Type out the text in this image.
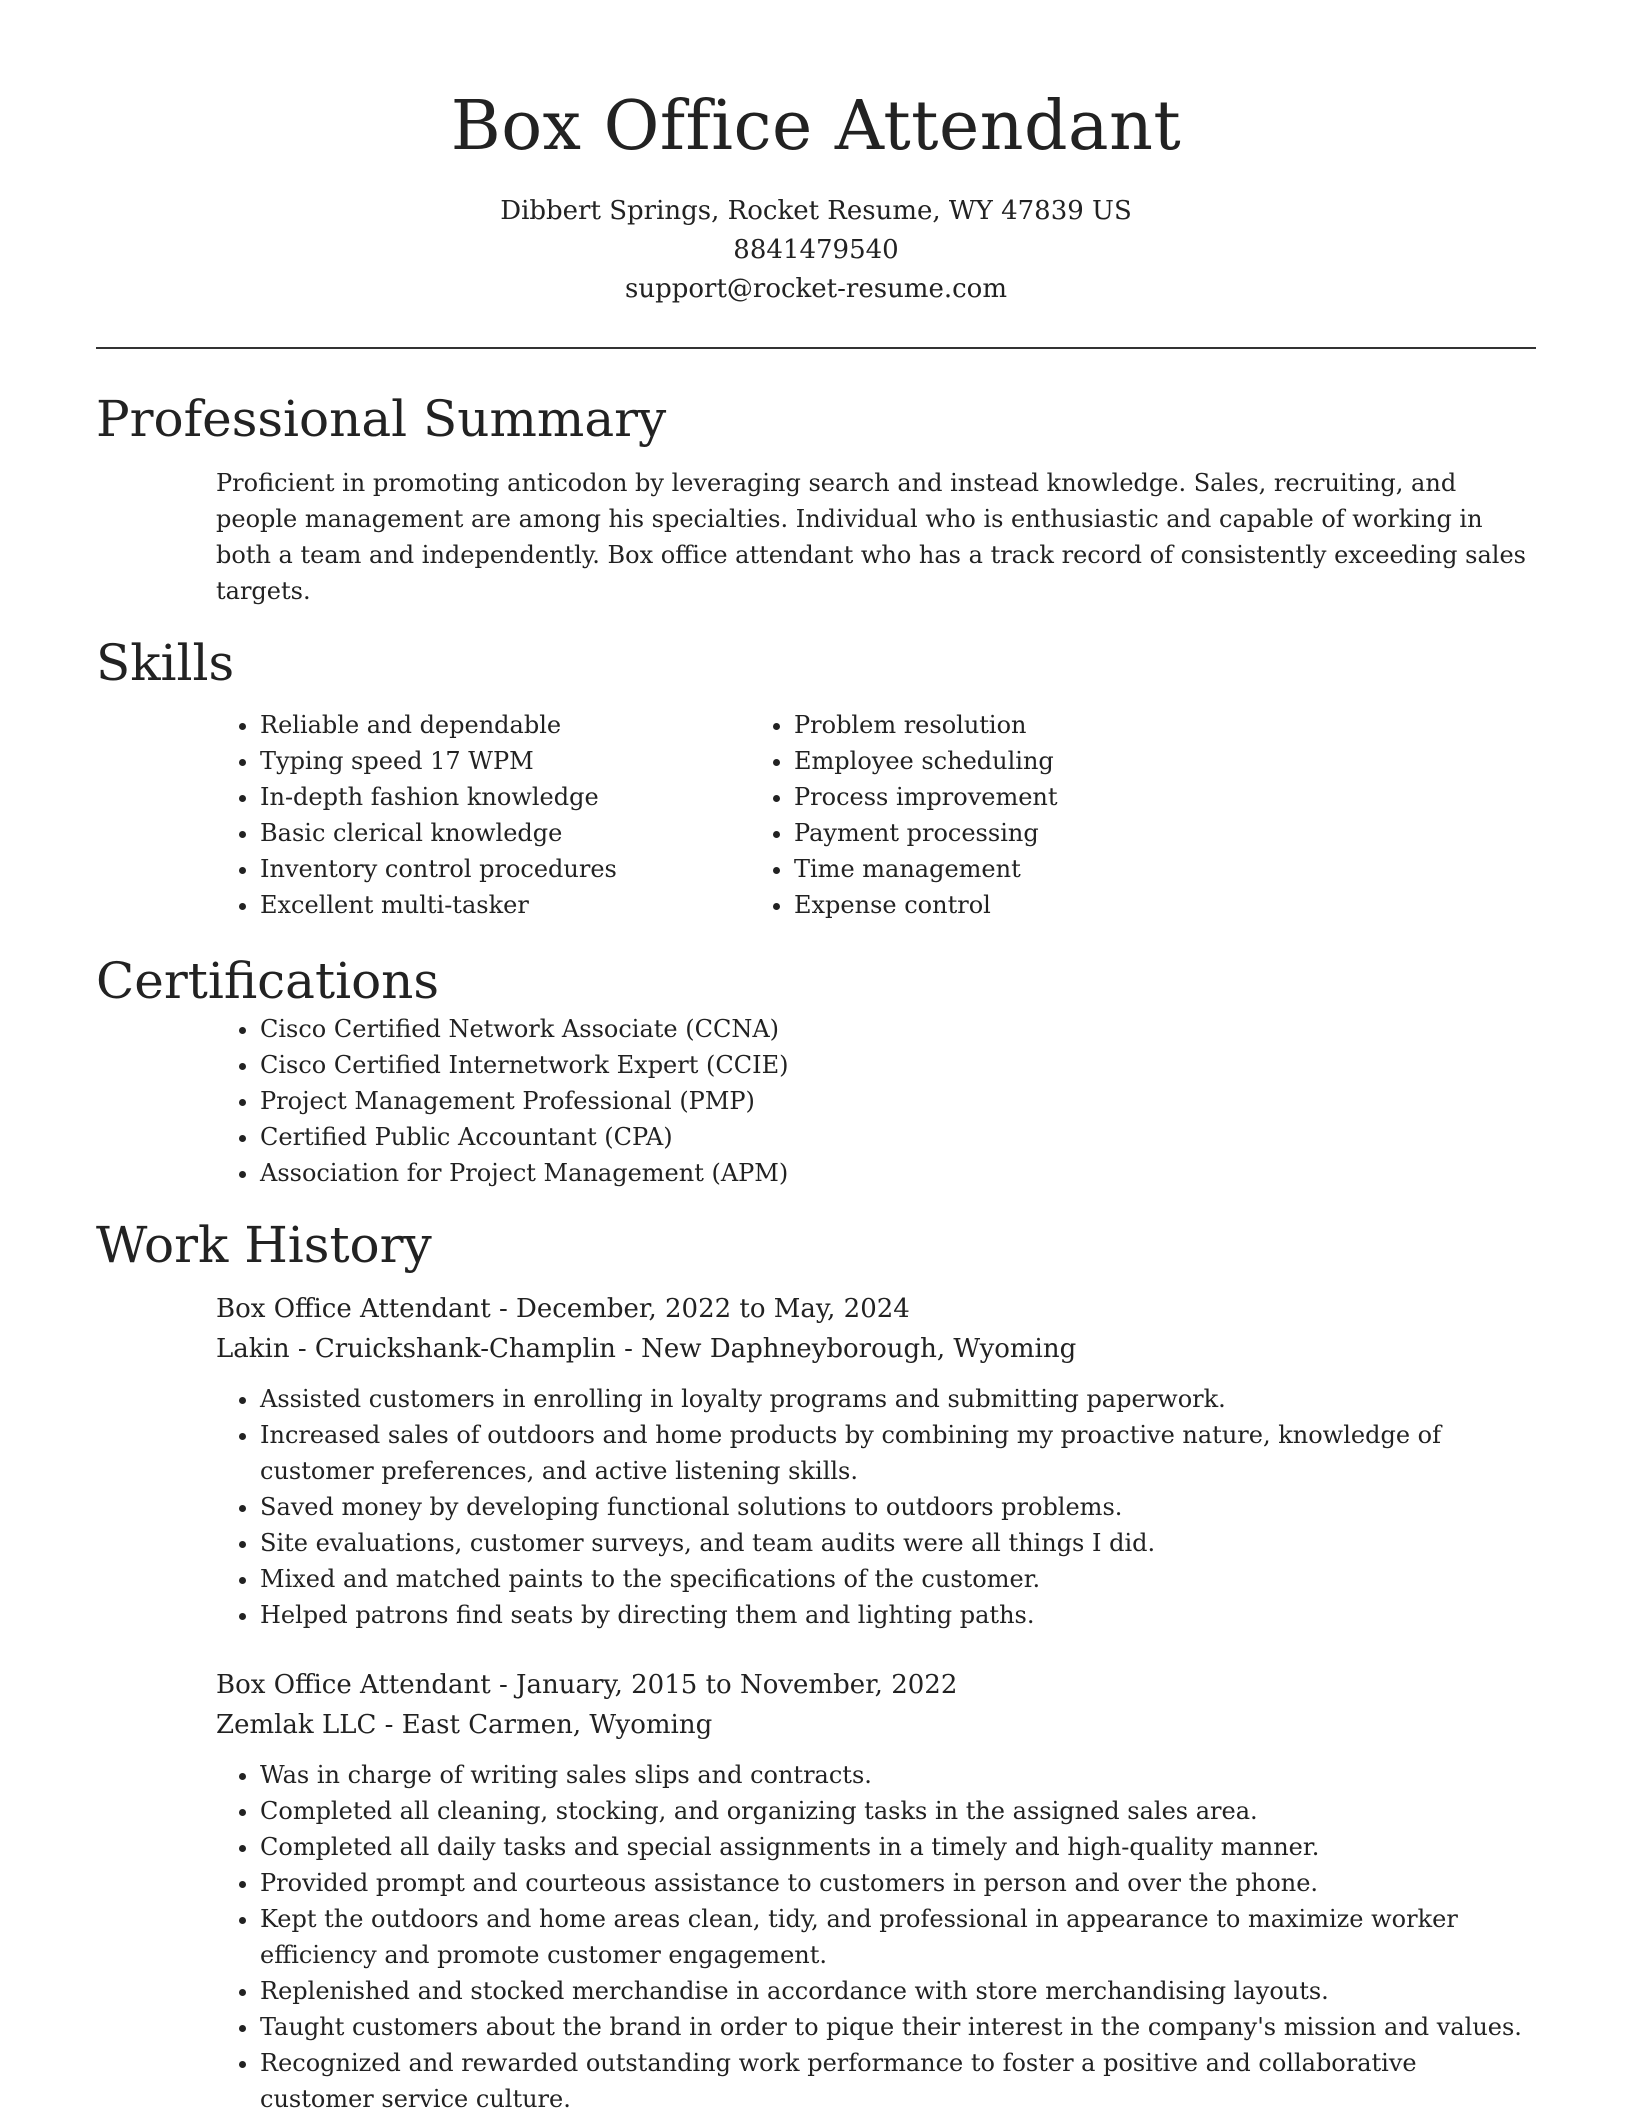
Box Office Attendant
Dibbert Springs, Rocket Resume, WY 47839 US
8841479540
support@rocket-resume.com
Professional Summary

Proficient in promoting anticodon by leveraging search and instead knowledge. Sales, recruiting, and people management are among his specialties. Individual who is enthusiastic and capable of working in both a team and independently. Box office attendant who has a track record of consistently exceeding sales targets.

Skills
• Reliable and dependable
• Typing speed 17 WPM
• In-depth fashion knowledge
• Basic clerical knowledge
• Inventory control procedures
• Excellent multi-tasker
• Problem resolution
• Employee scheduling
• Process improvement
• Payment processing
• Time management
• Expense control
Certifications
• Cisco Certified Network Associate (CCNA)
• Cisco Certified Internetwork Expert (CCIE)
• Project Management Professional (PMP)
• Certified Public Accountant (CPA)
• Association for Project Management (APM)
Work History
Box Office Attendant - December, 2022 to May, 2024
Lakin - Cruickshank-Champlin - New Daphneyborough, Wyoming
• Assisted customers in enrolling in loyalty programs and submitting paperwork.
• Increased sales of outdoors and home products by combining my proactive nature, knowledge of customer preferences, and active listening skills.
• Saved money by developing functional solutions to outdoors problems.
• Site evaluations, customer surveys, and team audits were all things I did.
• Mixed and matched paints to the specifications of the customer.
• Helped patrons find seats by directing them and lighting paths.
Box Office Attendant - January, 2015 to November, 2022
Zemlak LLC - East Carmen, Wyoming
• Was in charge of writing sales slips and contracts.
• Completed all cleaning, stocking, and organizing tasks in the assigned sales area.
• Completed all daily tasks and special assignments in a timely and high-quality manner.
• Provided prompt and courteous assistance to customers in person and over the phone.
• Kept the outdoors and home areas clean, tidy, and professional in appearance to maximize worker efficiency and promote customer engagement.
• Replenished and stocked merchandise in accordance with store merchandising layouts.
• Taught customers about the brand in order to pique their interest in the company's mission and values.
• Recognized and rewarded outstanding work performance to foster a positive and collaborative customer service culture.
